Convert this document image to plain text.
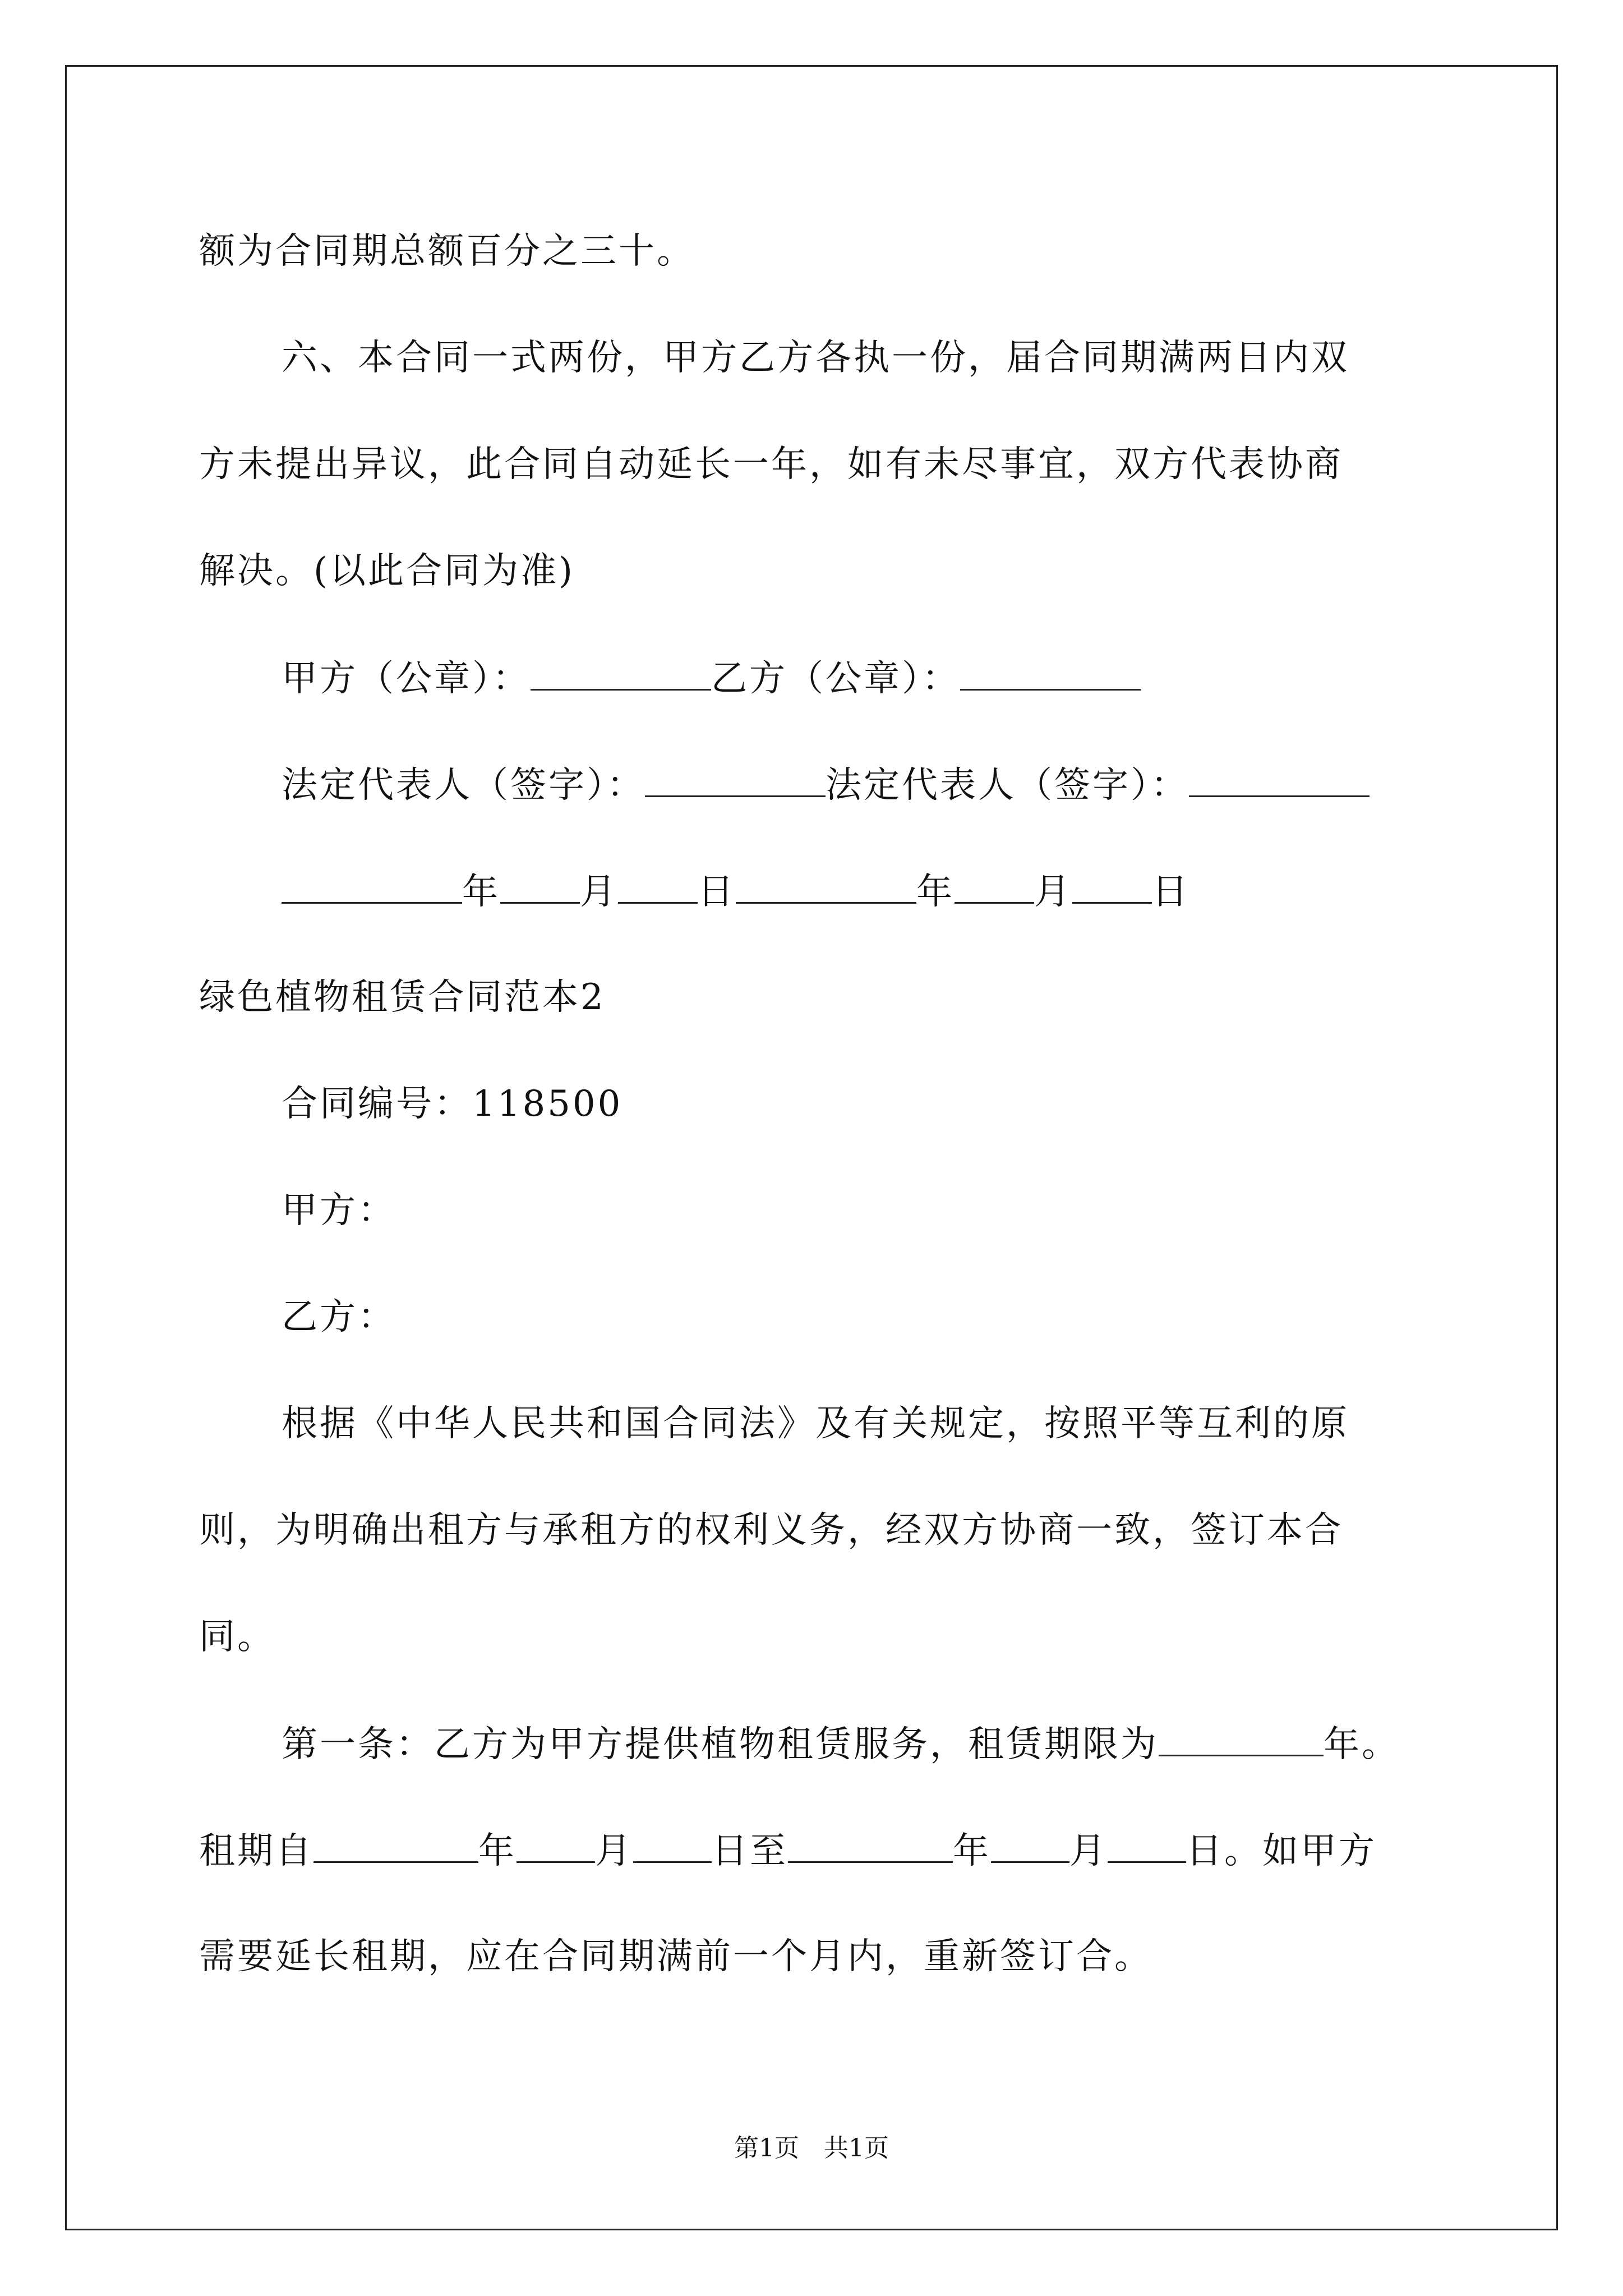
额为合同期总额百分之三十。
六、本合同一式两份，甲方乙方各执一份，届合同期满两日内双
方未提出异议，此合同自动延长一年，如有未尽事宜，双方代表协商
解决。(以此合同为准)
甲方（公章）：	乙方（公章）：
法定代表人（签字）：	法定代表人（签字）：
年 月 日	年 月 日
绿色植物租赁合同范本2
合同编号：118500
甲方：
乙方：
根据《中华人民共和国合同法》及有关规定，按照平等互利的原
则，为明确出租方与承租方的权利义务，经双方协商一致，签订本合
同。
第一条：乙方为甲方提供植物租赁服务，租赁期限为	年。
租期自	年 月 日至	年 月 日。如甲方
需要延长租期，应在合同期满前一个月内，重新签订合。
第1页　共1页
